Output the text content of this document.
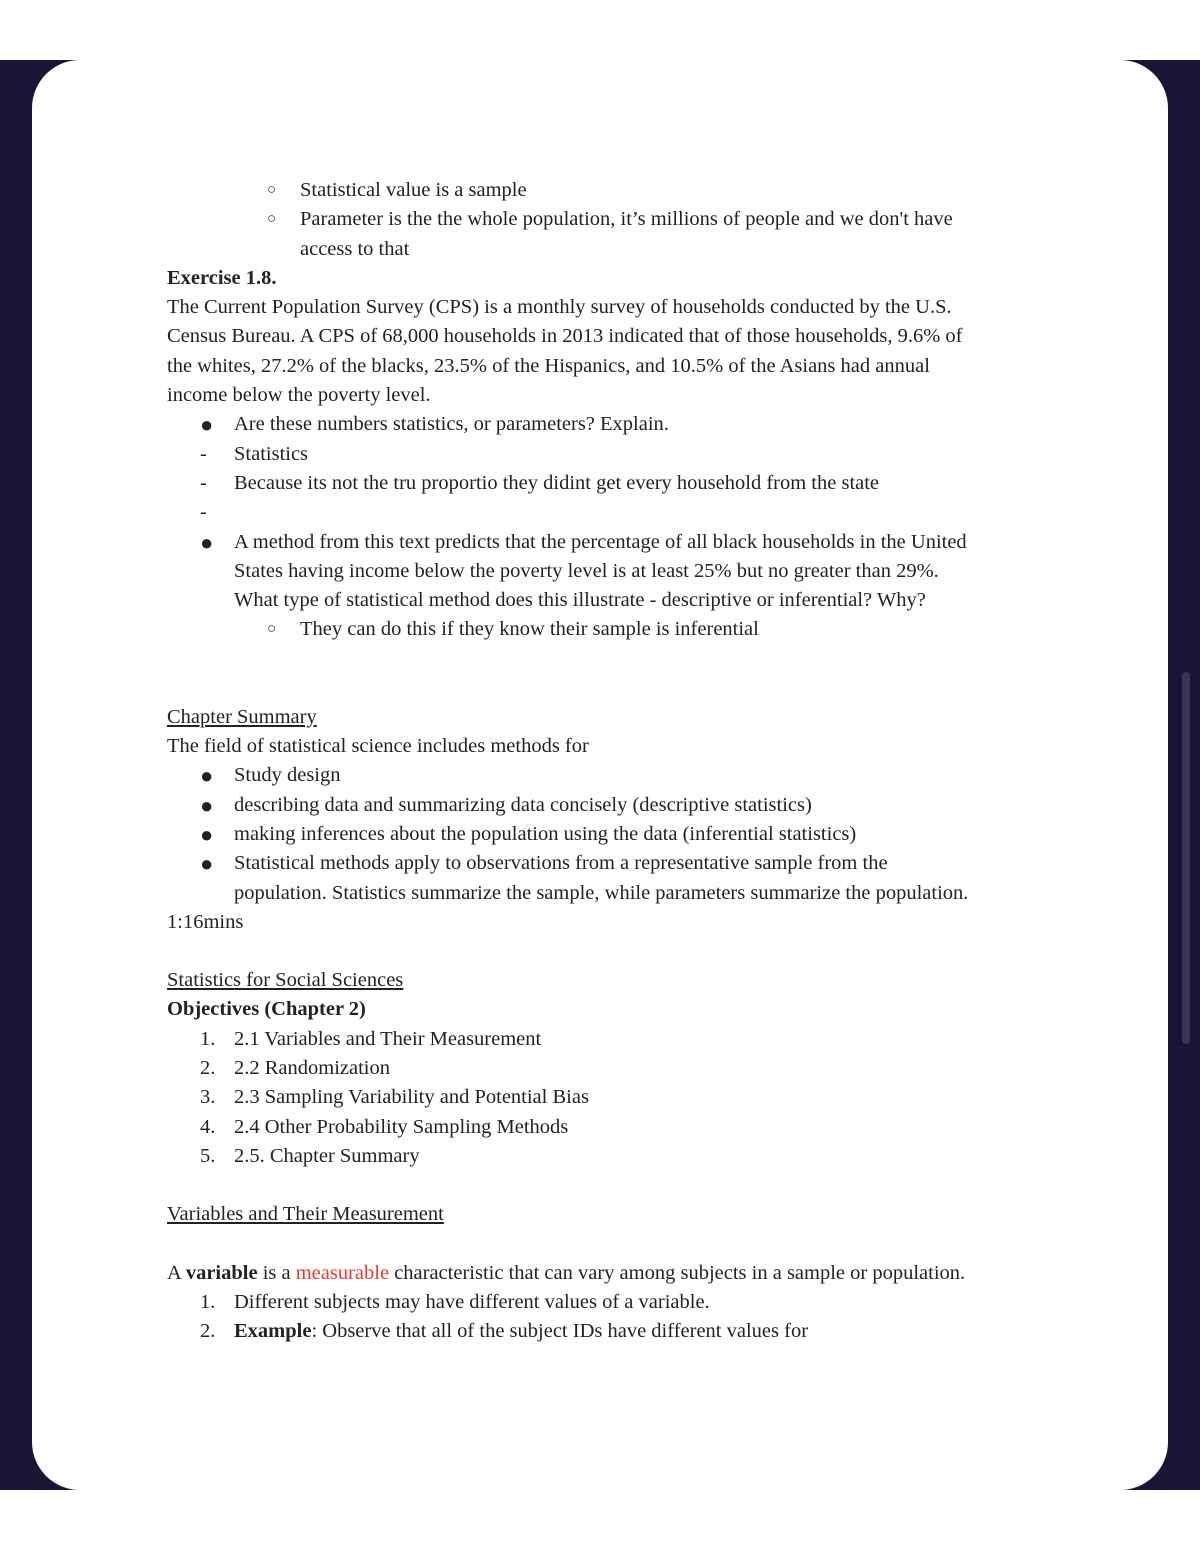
○ Statistical value is a sample
○ Parameter is the the whole population, it’s millions of people and we don't have
access to that
Exercise 1.8.
The Current Population Survey (CPS) is a monthly survey of households conducted by the U.S.
Census Bureau. A CPS of 68,000 households in 2013 indicated that of those households, 9.6% of
the whites, 27.2% of the blacks, 23.5% of the Hispanics, and 10.5% of the Asians had annual
income below the poverty level.
● Are these numbers statistics, or parameters? Explain.
- Statistics
- Because its not the tru proportio they didint get every household from the state
-

● A method from this text predicts that the percentage of all black households in the United
States having income below the poverty level is at least 25% but no greater than 29%.
What type of statistical method does this illustrate - descriptive or inferential? Why?
○ They can do this if they know their sample is inferential
Chapter Summary
The field of statistical science includes methods for
● Study design
● describing data and summarizing data concisely (descriptive statistics)
● making inferences about the population using the data (inferential statistics)
● Statistical methods apply to observations from a representative sample from the
population. Statistics summarize the sample, while parameters summarize the population.
1:16mins
Statistics for Social Sciences
Objectives (Chapter 2)
1. 2.1 Variables and Their Measurement
2. 2.2 Randomization
3. 2.3 Sampling Variability and Potential Bias
4. 2.4 Other Probability Sampling Methods
5. 2.5. Chapter Summary
Variables and Their Measurement
A variable is a measurable characteristic that can vary among subjects in a sample or population.
1. Different subjects may have different values of a variable.
2. Example: Observe that all of the subject IDs have different values for
